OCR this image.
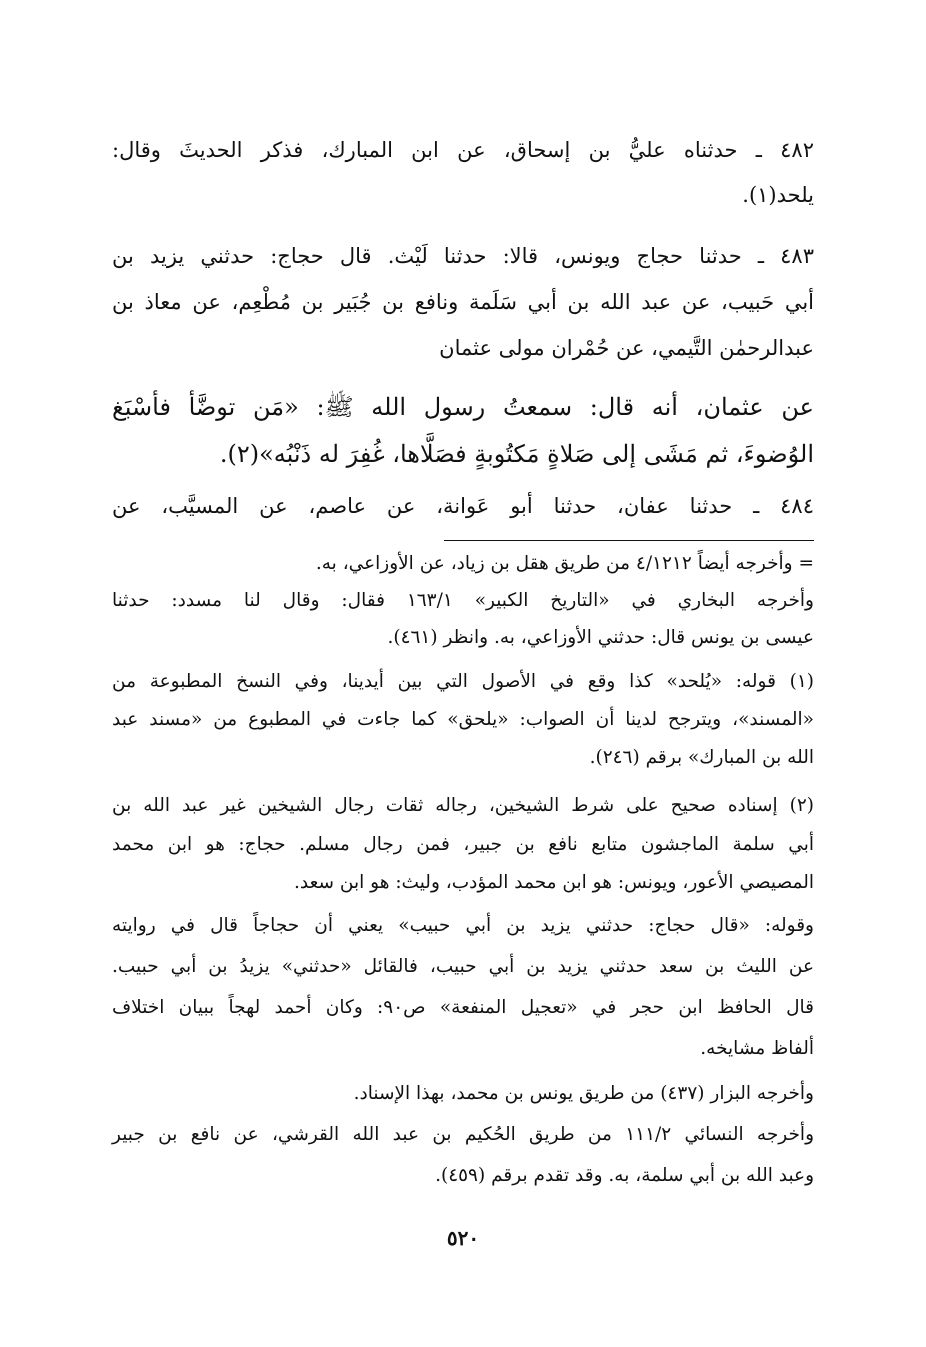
٤٨٢ ـ حدثناه عليُّ بن إسحاق، عن ابن المبارك، فذكر الحديثَ وقال:
يلحد(١).
٤٨٣ ـ حدثنا حجاج ويونس، قالا: حدثنا لَيْث. قال حجاج: حدثني يزيد بن
أبي حَبيب، عن عبد الله بن أبي سَلَمة ونافع بن جُبَير بن مُطْعِم، عن معاذ بن
عبدالرحمٰن التَّيمي، عن حُمْران مولى عثمان
عن عثمان، أنه قال: سمعتُ رسول الله ﷺ: «مَن توضَّأ فأسْبَغ
الوُضوءَ، ثم مَشَى إلى صَلاةٍ مَكتُوبةٍ فصَلَّاها، غُفِرَ له ذَنْبُه»(٢).
٤٨٤ ـ حدثنا عفان، حدثنا أبو عَوانة، عن عاصم، عن المسيَّب، عن
= وأخرجه أيضاً ٤/١٢١٢ من طريق هقل بن زياد، عن الأوزاعي، به.
وأخرجه البخاري في «التاريخ الكبير» ١٦٣/١ فقال: وقال لنا مسدد: حدثنا
عيسى بن يونس قال: حدثني الأوزاعي، به. وانظر (٤٦١).
(١) قوله: «يُلحد» كذا وقع في الأصول التي بين أيدينا، وفي النسخ المطبوعة من
«المسند»، ويترجح لدينا أن الصواب: «يلحق» كما جاءت في المطبوع من «مسند عبد
الله بن المبارك» برقم (٢٤٦).
(٢) إسناده صحيح على شرط الشيخين، رجاله ثقات رجال الشيخين غير عبد الله بن
أبي سلمة الماجشون متابع نافع بن جبير، فمن رجال مسلم. حجاج: هو ابن محمد
المصيصي الأعور، ويونس: هو ابن محمد المؤدب، وليث: هو ابن سعد.
وقوله: «قال حجاج: حدثني يزيد بن أبي حبيب» يعني أن حجاجاً قال في روايته
عن الليث بن سعد حدثني يزيد بن أبي حبيب، فالقائل «حدثني» يزيدُ بن أبي حبيب.
قال الحافظ ابن حجر في «تعجيل المنفعة» ص٩٠: وكان أحمد لهجاً ببيان اختلاف
ألفاظ مشايخه.
وأخرجه البزار (٤٣٧) من طريق يونس بن محمد، بهذا الإسناد.
وأخرجه النسائي ١١١/٢ من طريق الحُكيم بن عبد الله القرشي، عن نافع بن جبير
وعبد الله بن أبي سلمة، به. وقد تقدم برقم (٤٥٩).
٥٢٠
